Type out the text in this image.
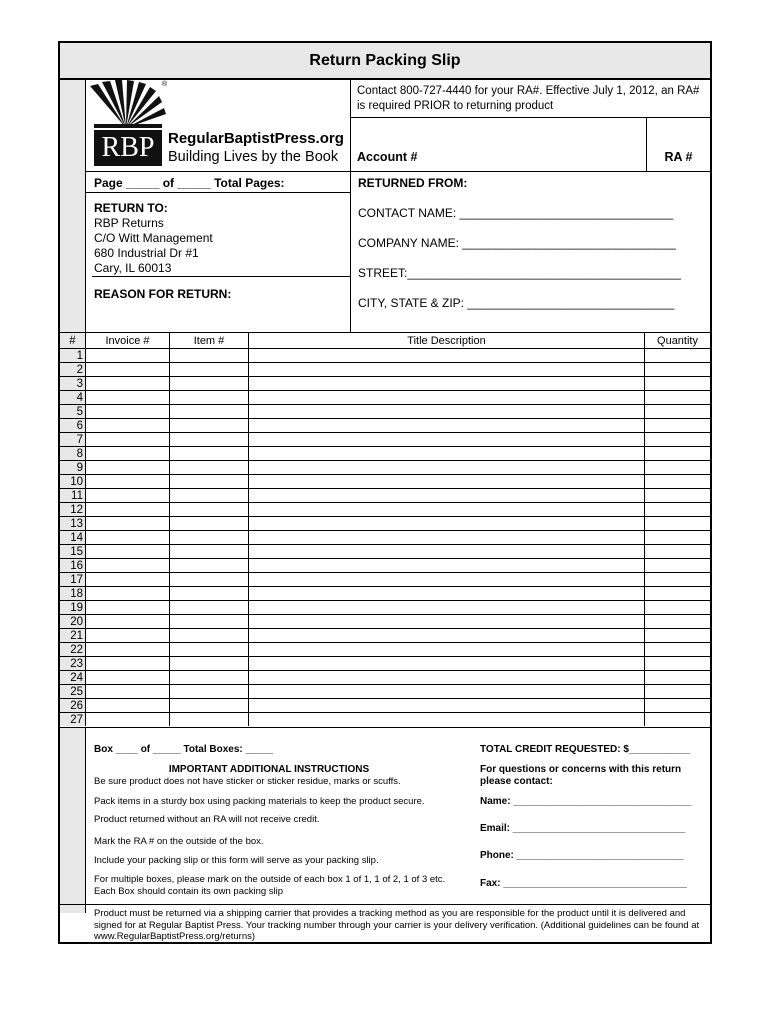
Return Packing Slip
RBP
®
RegularBaptistPress.org
Building Lives by the Book
Contact 800-727-4440 for your RA#. Effective July 1, 2012, an RA# is required PRIOR to returning product
Account #	RA #
Page _____ of _____ Total Pages:	RETURNED FROM:
RETURN TO:
RBP Returns
C/O Witt Management
680 Industrial Dr #1
Cary, IL 60013
REASON FOR RETURN:
CONTACT NAME: ________________________________
COMPANY NAME: ________________________________
STREET:_________________________________________
CITY, STATE & ZIP: _______________________________
#	Invoice #	Item #	Title Description	Quantity
1
2
3
4
5
6
7
8
9
10
11
12
13
14
15
16
17
18
19
20
21
22
23
24
25
26
27
Box ____ of _____ Total Boxes: _____	TOTAL CREDIT REQUESTED: $___________
IMPORTANT ADDITIONAL INSTRUCTIONS
Be sure product does not have sticker or sticker residue, marks or scuffs.
Pack items in a sturdy box using packing materials to keep the product secure.
Product returned without an RA will not receive credit.
Mark the RA # on the outside of the box.
Include your packing slip or this form will serve as your packing slip.
For multiple boxes, please mark on the outside of each box 1 of 1, 1 of 2, 1 of 3 etc. Each Box should contain its own packing slip
For questions or concerns with this return please contact:
Name: ________________________________
Email: _______________________________
Phone: ______________________________
Fax: _________________________________
Product must be returned via a shipping carrier that provides a tracking method as you are responsible for the product until it is delivered and signed for at Regular Baptist Press. Your tracking number through your carrier is your delivery verification. (Additional guidelines can be found at www.RegularBaptistPress.org/returns)
